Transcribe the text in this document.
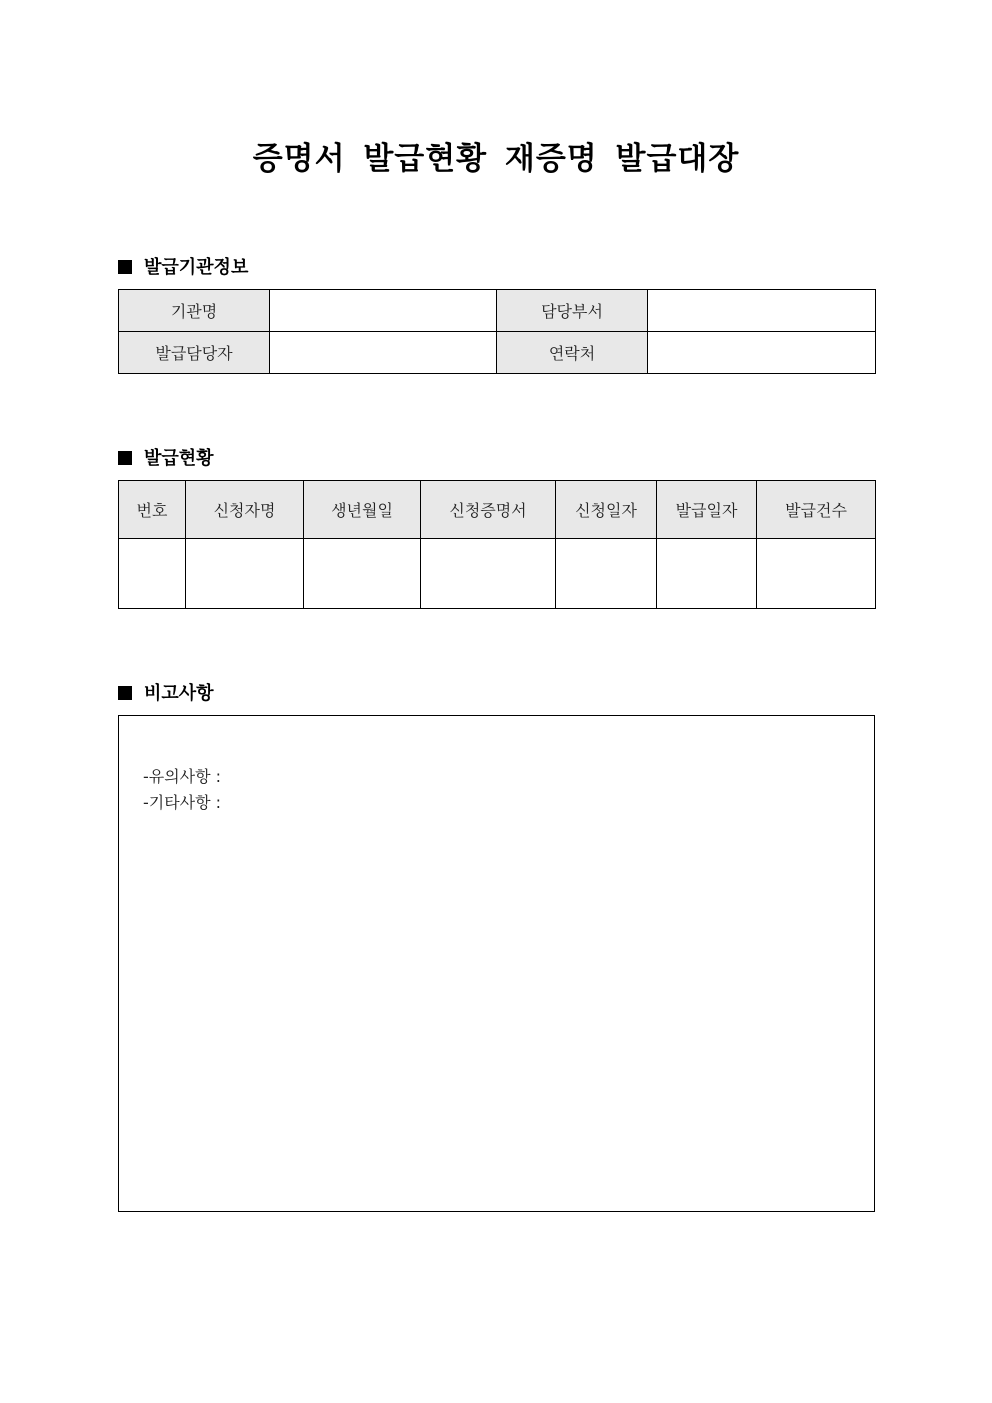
증명서 발급현황 재증명 발급대장
발급기관정보
기관명		담당부서	
발급담당자		연락처	
발급현황
번호	신청자명	생년월일	신청증명서	신청일자	발급일자	발급건수

비고사항
-유의사항 :
-기타사항 :
